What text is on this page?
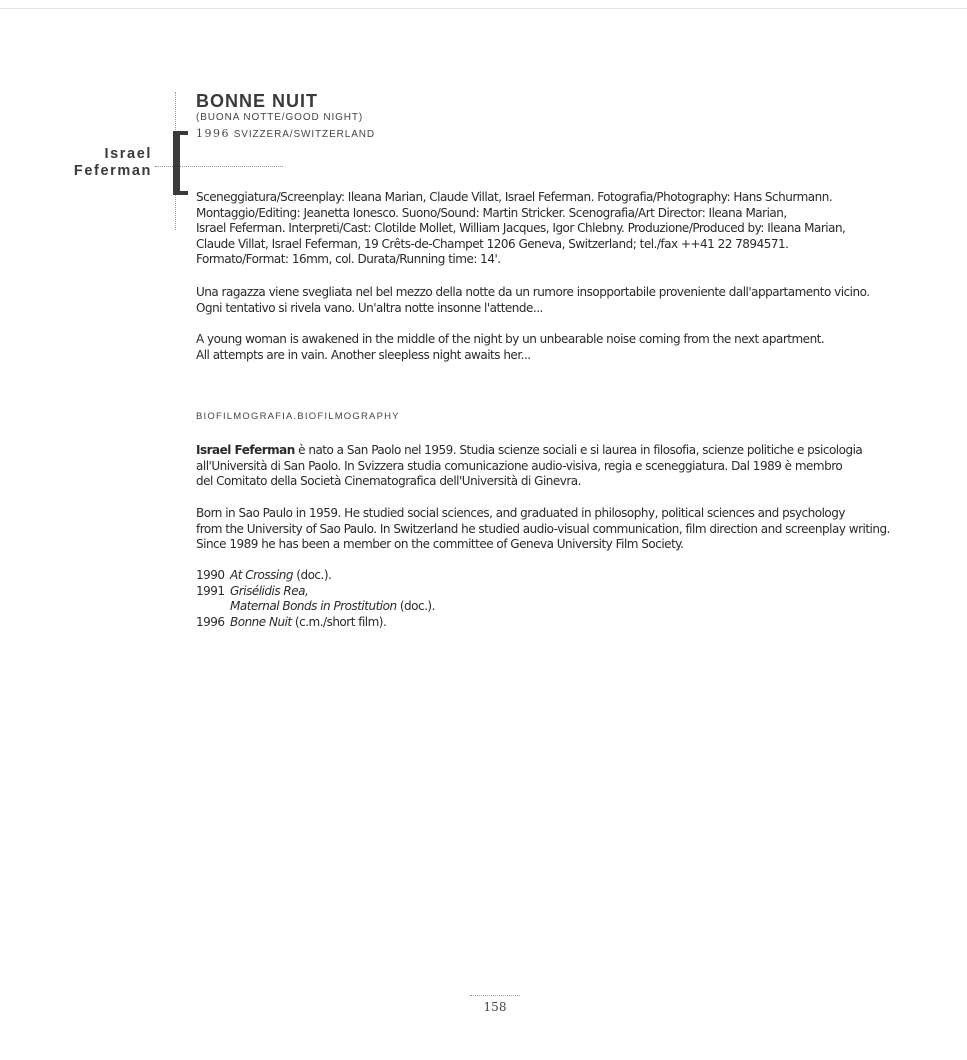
Israel
Feferman
BONNE NUIT
(BUONA NOTTE/GOOD NIGHT)
1996 SVIZZERA/SWITZERLAND
Sceneggiatura/Screenplay: Ileana Marian, Claude Villat, Israel Feferman. Fotografia/Photography: Hans Schurmann.
Montaggio/Editing: Jeanetta Ionesco. Suono/Sound: Martin Stricker. Scenografia/Art Director: Ileana Marian,
Israel Feferman. Interpreti/Cast: Clotilde Mollet, William Jacques, Igor Chlebny. Produzione/Produced by: Ileana Marian,
Claude Villat, Israel Feferman, 19 Crêts-de-Champet 1206 Geneva, Switzerland; tel./fax ++41 22 7894571.
Formato/Format: 16mm, col. Durata/Running time: 14'.
Una ragazza viene svegliata nel bel mezzo della notte da un rumore insopportabile proveniente dall'appartamento vicino.
Ogni tentativo si rivela vano. Un'altra notte insonne l'attende...
A young woman is awakened in the middle of the night by un unbearable noise coming from the next apartment.
All attempts are in vain. Another sleepless night awaits her...
BIOFILMOGRAFIA.BIOFILMOGRAPHY
Israel Feferman è nato a San Paolo nel 1959. Studia scienze sociali e si laurea in filosofia, scienze politiche e psicologia
all'Università di San Paolo. In Svizzera studia comunicazione audio-visiva, regia e sceneggiatura. Dal 1989 è membro
del Comitato della Società Cinematografica dell'Università di Ginevra.
Born in Sao Paulo in 1959. He studied social sciences, and graduated in philosophy, political sciences and psychology
from the University of Sao Paulo. In Switzerland he studied audio-visual communication, film direction and screenplay writing.
Since 1989 he has been a member on the committee of Geneva University Film Society.
1990 At Crossing (doc.).
1991 Grisélidis Rea,
Maternal Bonds in Prostitution (doc.).
1996 Bonne Nuit (c.m./short film).
158
